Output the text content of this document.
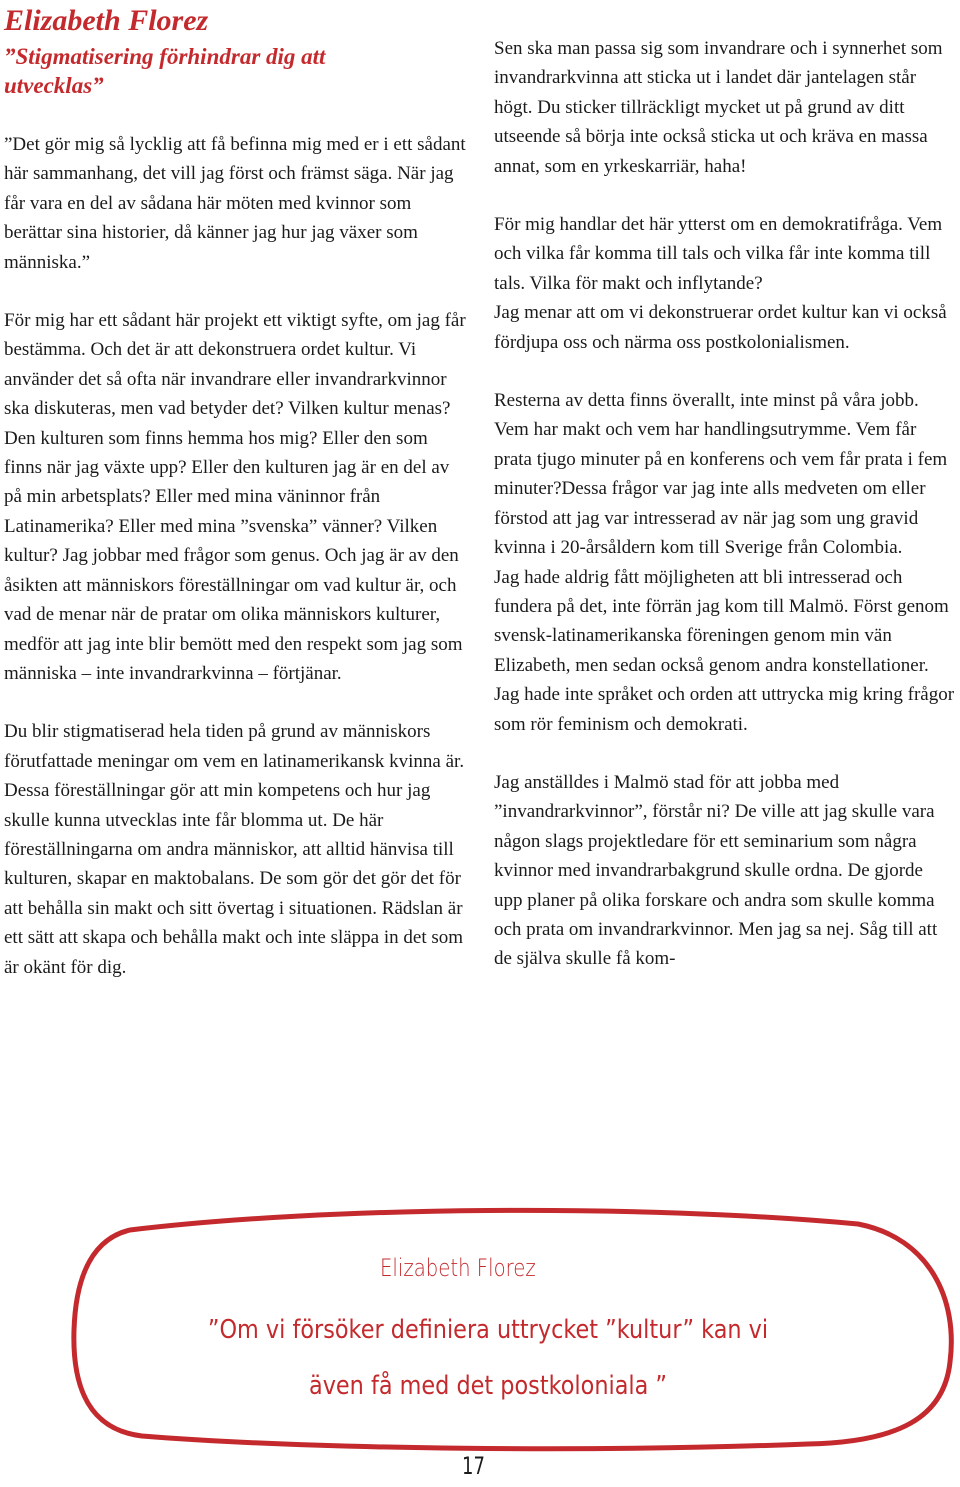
Elizabeth Florez

”Stigmatisering förhindrar dig att utvecklas”

”Det gör mig så lycklig att få befinna mig med er i ett sådant här sammanhang, det vill jag först och främst säga. När jag får vara en del av sådana här möten med kvinnor som berättar sina historier, då känner jag hur jag växer som människa.”

För mig har ett sådant här projekt ett viktigt syfte, om jag får bestämma. Och det är att dekonstruera ordet kultur. Vi använder det så ofta när invandrare eller invandrarkvinnor ska diskuteras, men vad betyder det? Vilken kultur menas? Den kulturen som finns hemma hos mig? Eller den som finns när jag växte upp? Eller den kulturen jag är en del av på min arbetsplats? Eller med mina väninnor från Latinamerika? Eller med mina ”svenska” vänner? Vilken kultur? Jag jobbar med frågor som genus. Och jag är av den åsikten att människors föreställningar om vad kultur är, och vad de menar när de pratar om olika människors kulturer, medför att jag inte blir bemött med den respekt som jag som människa – inte invandrarkvinna – förtjänar.

Du blir stigmatiserad hela tiden på grund av människors förutfattade meningar om vem en latinamerikansk kvinna är. Dessa föreställningar gör att min kompetens och hur jag skulle kunna utvecklas inte får blomma ut. De här föreställningarna om andra människor, att alltid hänvisa till kulturen, skapar en maktobalans. De som gör det gör det för att behålla sin makt och sitt övertag i situationen. Rädslan är ett sätt att skapa och behålla makt och inte släppa in det som är okänt för dig.

Sen ska man passa sig som invandrare och i synnerhet som invandrarkvinna att sticka ut i landet där jantelagen står högt. Du sticker tillräckligt mycket ut på grund av ditt utseende så börja inte också sticka ut och kräva en massa annat, som en yrkeskarriär, haha!

För mig handlar det här ytterst om en demokratifråga. Vem och vilka får komma till tals och vilka får inte komma till tals. Vilka för makt och inflytande?

Jag menar att om vi dekonstruerar ordet kultur kan vi också fördjupa oss och närma oss postkolonialismen.

Resterna av detta finns överallt, inte minst på våra jobb. Vem har makt och vem har handlingsutrymme. Vem får prata tjugo minuter på en konferens och vem får prata i fem minuter?Dessa frågor var jag inte alls medveten om eller förstod att jag var intresserad av när jag som ung gravid kvinna i 20-årsåldern kom till Sverige från Colombia.

Jag hade aldrig fått möjligheten att bli intresserad och fundera på det, inte förrän jag kom till Malmö. Först genom svensk-latinamerikanska föreningen genom min vän Elizabeth, men sedan också genom andra konstellationer. Jag hade inte språket och orden att uttrycka mig kring frågor som rör feminism och demokrati.

Jag anställdes i Malmö stad för att jobba med ”invandrarkvinnor”, förstår ni? De ville att jag skulle vara någon slags projektledare för ett seminarium som några kvinnor med invandrarbakgrund skulle ordna. De gjorde upp planer på olika forskare och andra som skulle komma och prata om invandrarkvinnor. Men jag sa nej. Såg till att de själva skulle få kom-

Elizabeth Florez
”Om vi försöker definiera uttrycket ”kultur” kan vi även få med det postkoloniala ”
17
